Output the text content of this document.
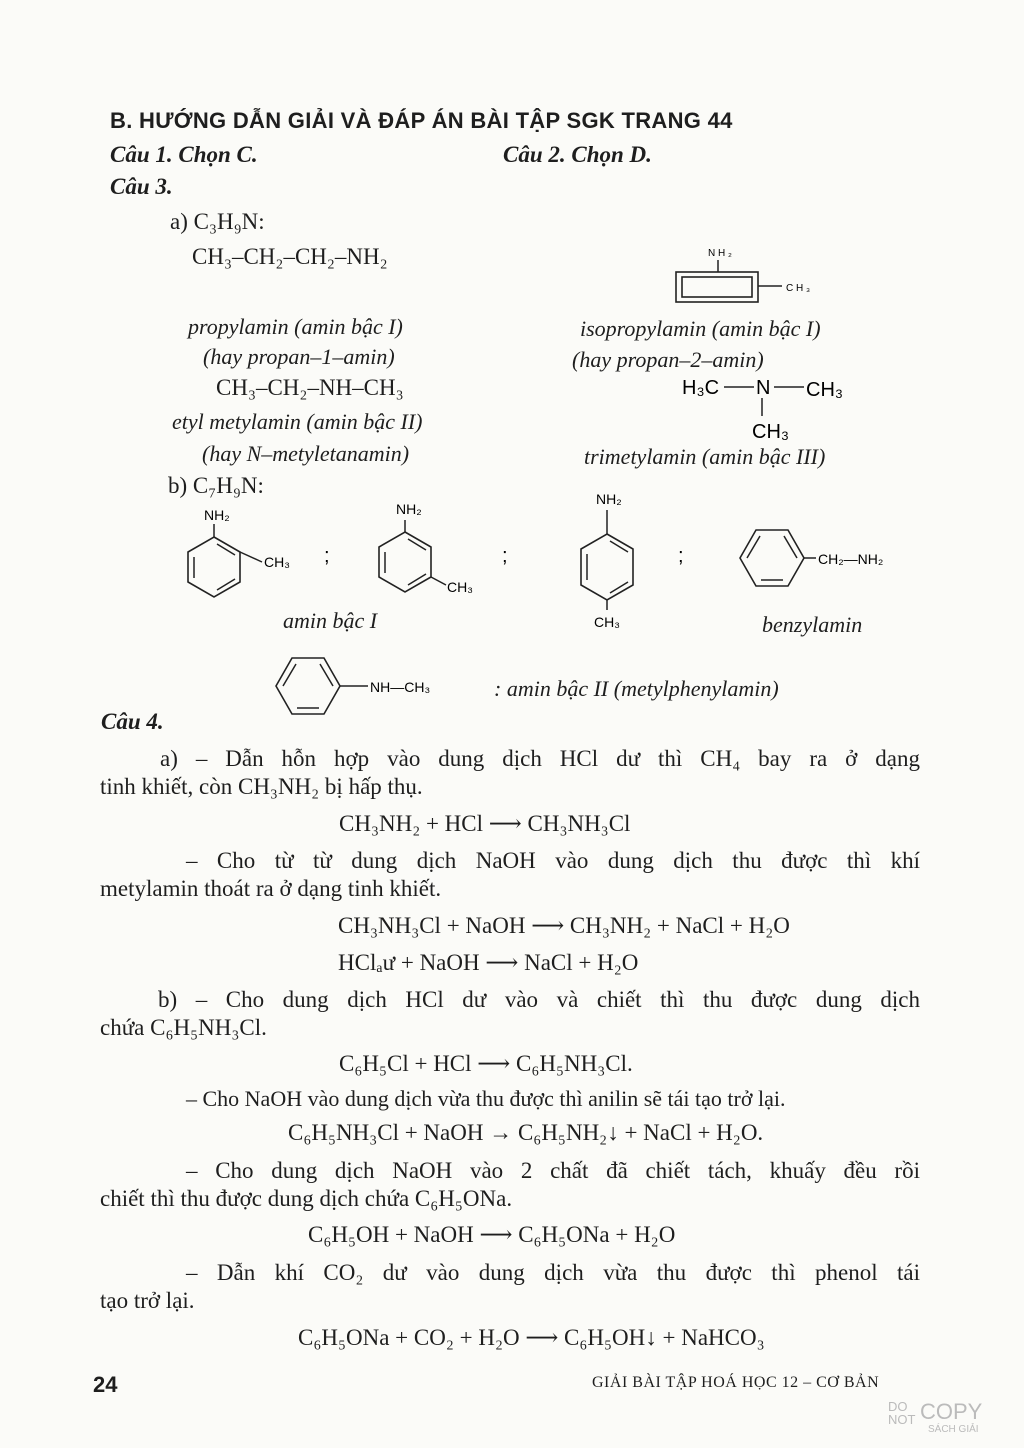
B. HƯỚNG DẪN GIẢI VÀ ĐÁP ÁN BÀI TẬP SGK TRANG 44
Câu 1. Chọn C.	Câu 2. Chọn D.
Câu 3.
a) C₃H₉N:
CH₃–CH₂–CH₂–NH₂
propylamin (amin bậc I)
(hay propan–1–amin)
CH₃–CH₂–NH–CH₃
etyl metylamin (amin bậc II)
(hay N–metyletanamin)
N H ₂
C H ₃
isopropylamin (amin bậc I)
(hay propan–2–amin)
H₃C N CH₃
CH₃
trimetylamin (amin bậc III)
b) C₇H₉N:
NH₂
CH₃ ;
NH₂
CH₃
;
NH₂
CH₃
;	CH₂—NH₂
amin bậc I	benzylamin
NH—CH₃	: amin bậc II (metylphenylamin)
Câu 4.
a) – Dẫn hỗn hợp vào dung dịch HCl dư thì CH₄ bay ra ở dạng
tinh khiết, còn CH₃NH₂ bị hấp thụ.
CH₃NH₂ + HCl ⟶ CH₃NH₃Cl
– Cho từ từ dung dịch NaOH vào dung dịch thu được thì khí
metylamin thoát ra ở dạng tinh khiết.
CH₃NH₃Cl + NaOH ⟶ CH₃NH₂ + NaCl + H₂O
HClₐư + NaOH ⟶ NaCl + H₂O
b) – Cho dung dịch HCl dư vào và chiết thì thu được dung dịch
chứa C₆H₅NH₃Cl.
C₆H₅Cl + HCl ⟶ C₆H₅NH₃Cl.
– Cho NaOH vào dung dịch vừa thu được thì anilin sẽ tái tạo trở lại.
C₆H₅NH₃Cl + NaOH → C₆H₅NH₂↓ + NaCl + H₂O.
– Cho dung dịch NaOH vào 2 chất đã chiết tách, khuấy đều rồi
chiết thì thu được dung dịch chứa C₆H₅ONa.
C₆H₅OH + NaOH ⟶ C₆H₅ONa + H₂O
– Dẫn khí CO₂ dư vào dung dịch vừa thu được thì phenol tái
tạo trở lại.
C₆H₅ONa + CO₂ + H₂O ⟶ C₆H₅OH↓ + NaHCO₃
24	GIẢI BÀI TẬP HOÁ HỌC 12 – CƠ BẢN
DO
NOT COPY
SÁCH GIẢI
